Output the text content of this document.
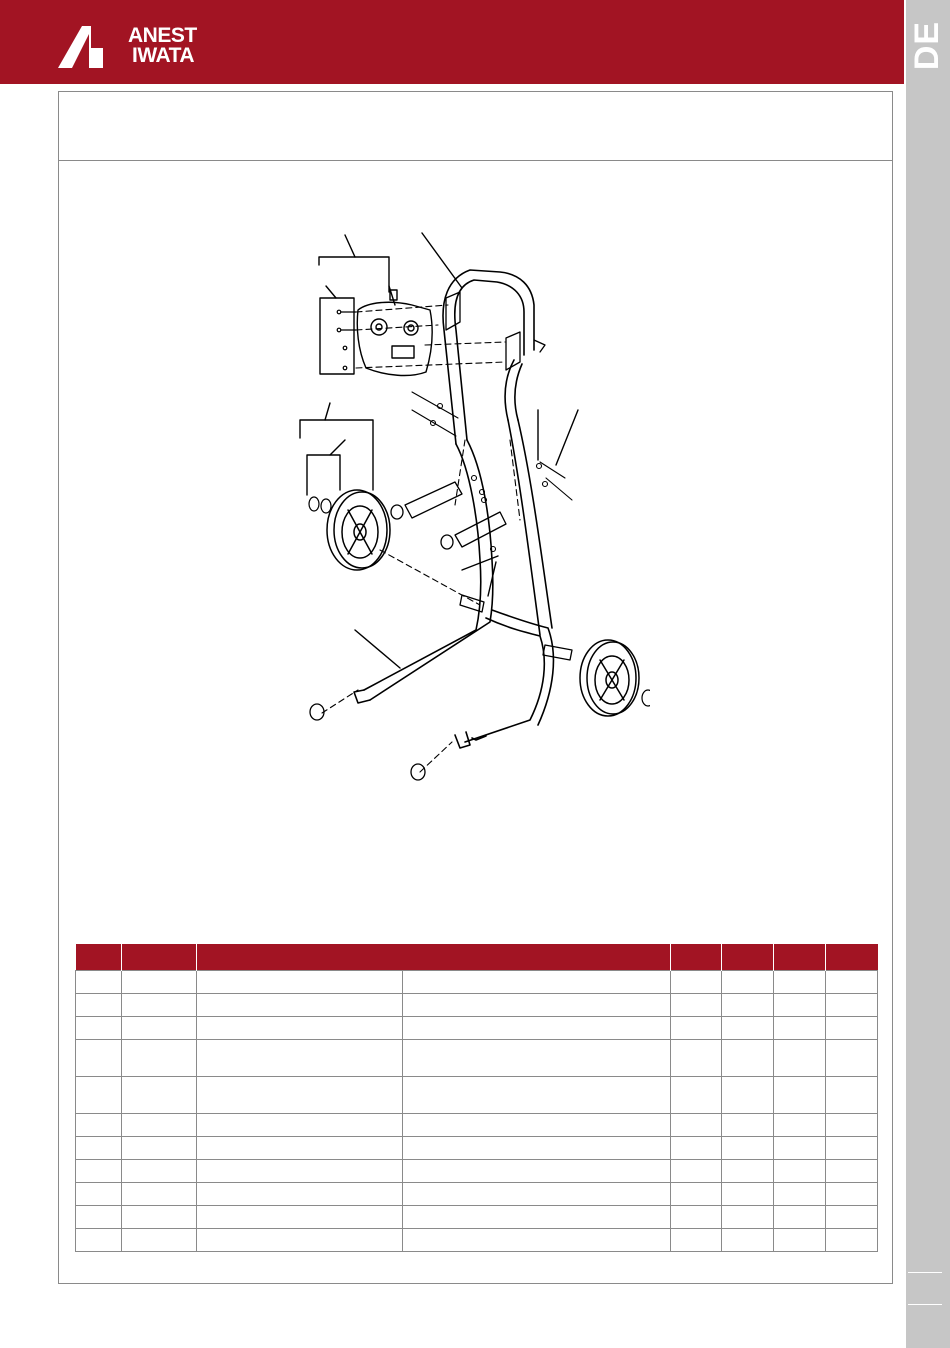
ANEST
IWATA	DE
